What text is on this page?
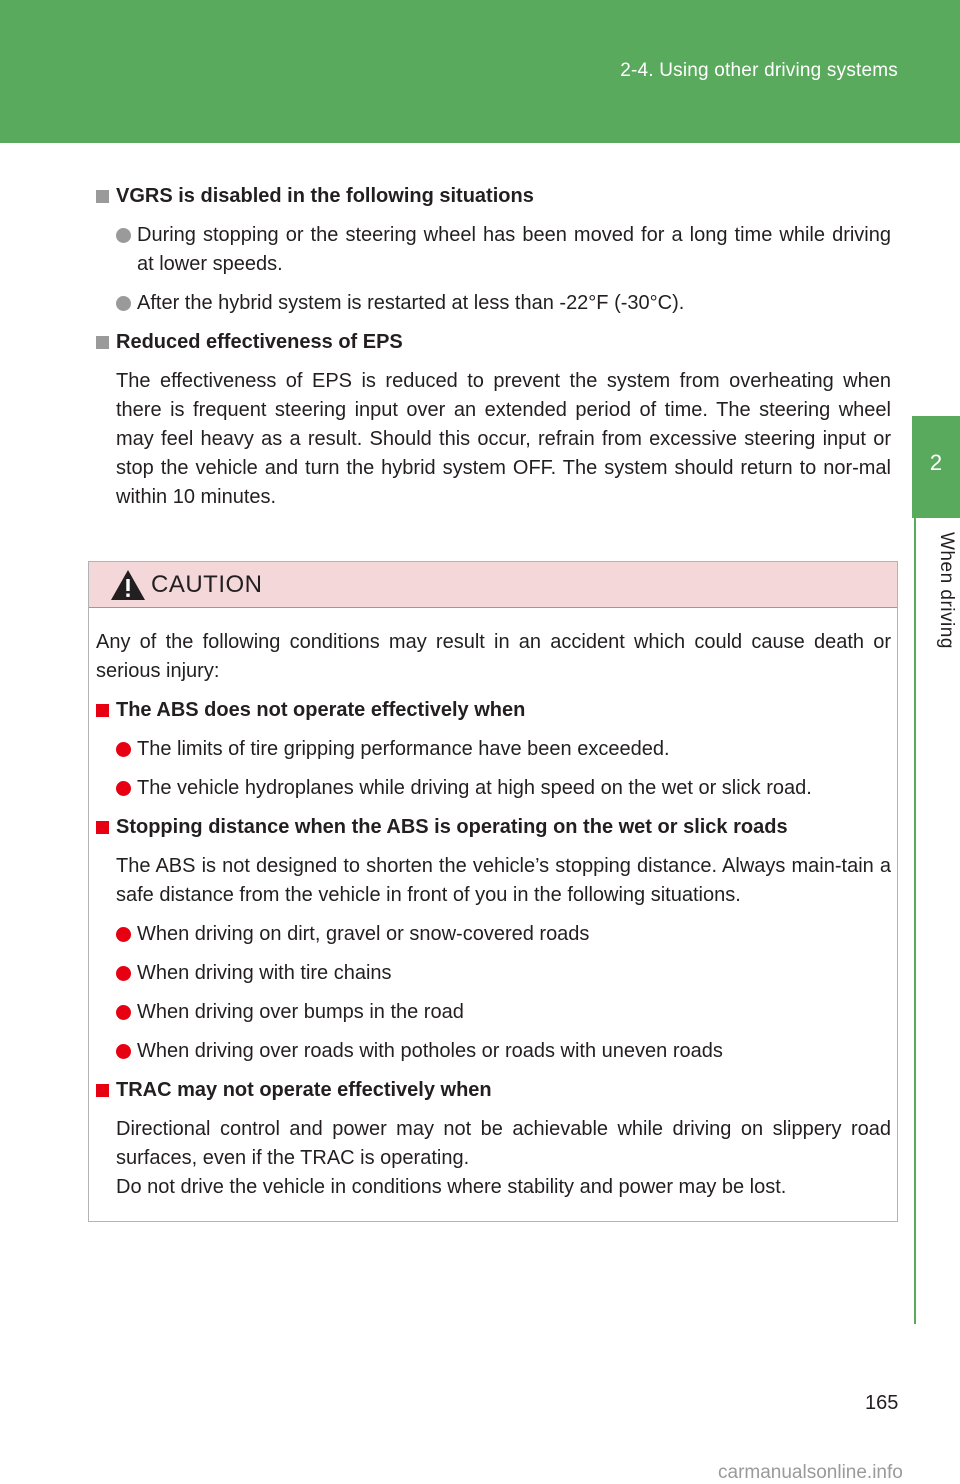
2-4. Using other driving systems
2
When driving
VGRS is disabled in the following situations
During stopping or the steering wheel has been moved for a long time while driving at lower speeds.
After the hybrid system is restarted at less than -22°F (-30°C).
Reduced effectiveness of EPS
The effectiveness of EPS is reduced to prevent the system from overheating when there is frequent steering input over an extended period of time. The steering wheel may feel heavy as a result. Should this occur, refrain from excessive steering input or stop the vehicle and turn the hybrid system OFF. The system should return to nor-mal within 10 minutes.
CAUTION
Any of the following conditions may result in an accident which could cause death or serious injury:
The ABS does not operate effectively when
The limits of tire gripping performance have been exceeded.
The vehicle hydroplanes while driving at high speed on the wet or slick road.
Stopping distance when the ABS is operating on the wet or slick roads
The ABS is not designed to shorten the vehicle’s stopping distance. Always main-tain a safe distance from the vehicle in front of you in the following situations.
When driving on dirt, gravel or snow-covered roads
When driving with tire chains
When driving over bumps in the road
When driving over roads with potholes or roads with uneven roads
TRAC may not operate effectively when
Directional control and power may not be achievable while driving on slippery road surfaces, even if the TRAC is operating.
Do not drive the vehicle in conditions where stability and power may be lost.
165
carmanualsonline.info
